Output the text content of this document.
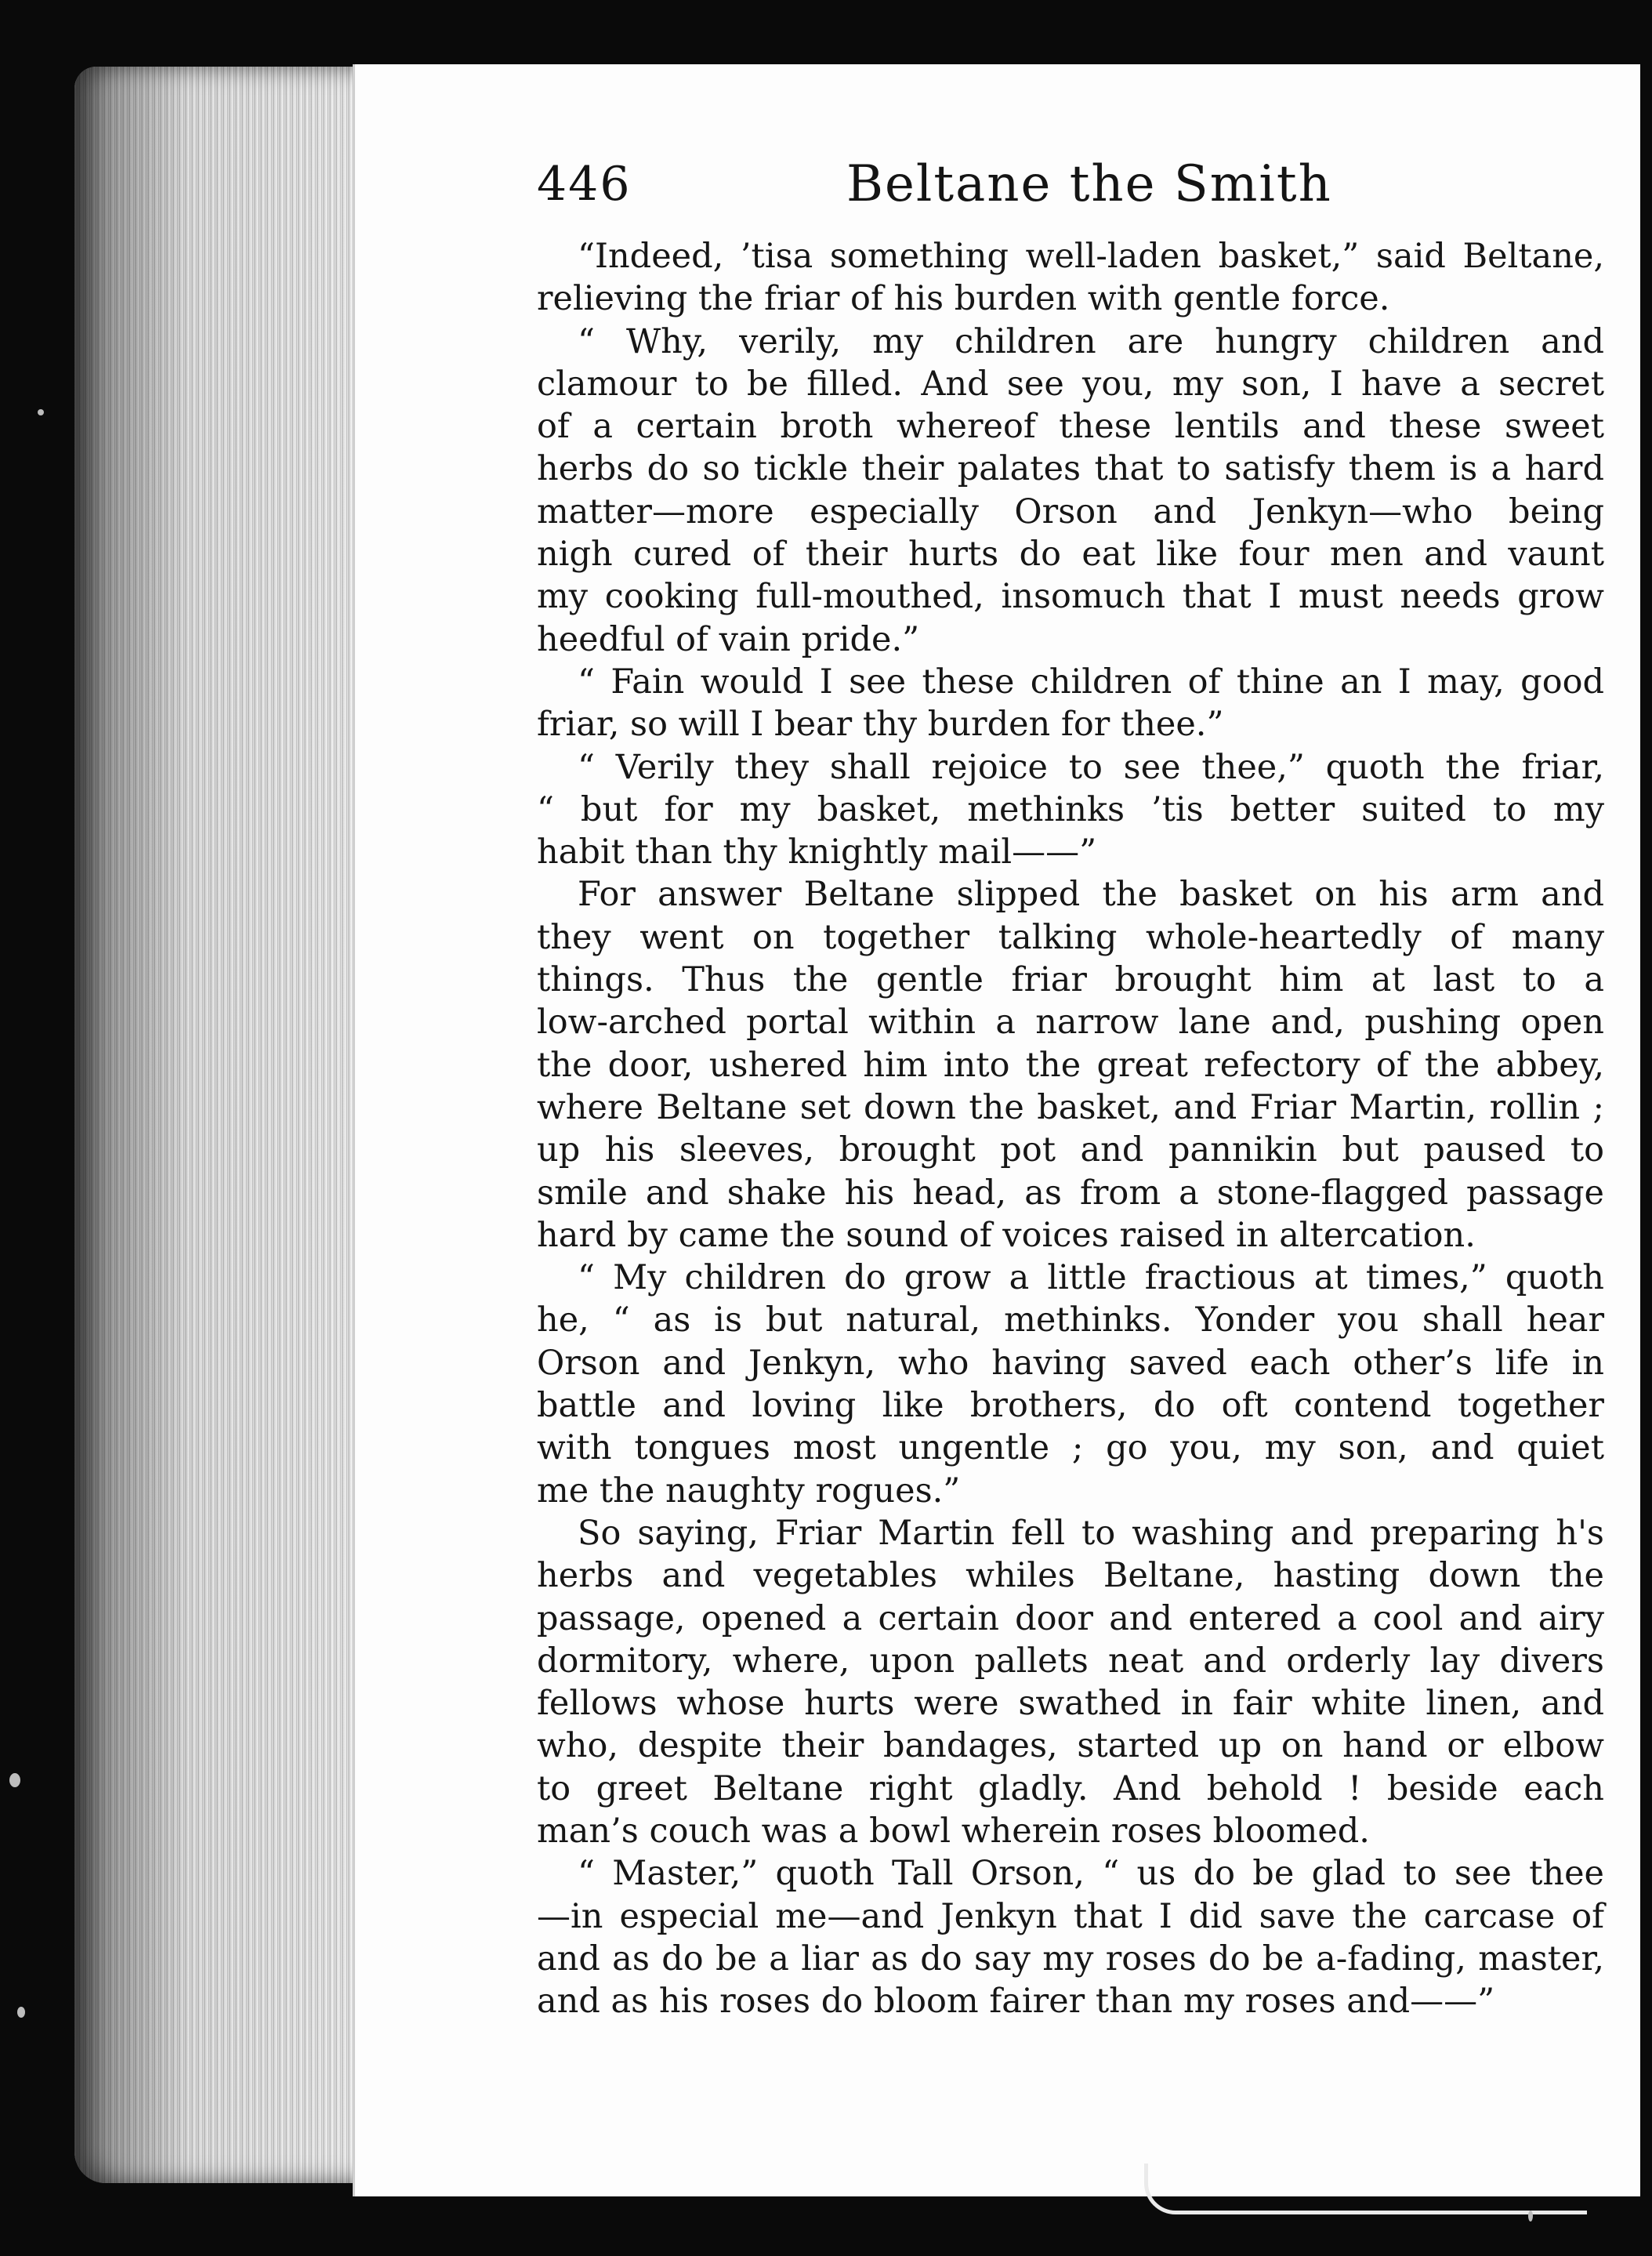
446	Beltane the Smith
“Indeed, ’tisa something well-laden basket,” said Beltane,
relieving the friar of his burden with gentle force.
“ Why, verily, my children are hungry children and
clamour to be filled. And see you, my son, I have a secret
of a certain broth whereof these lentils and these sweet
herbs do so tickle their palates that to satisfy them is a hard
matter—more especially Orson and Jenkyn—who being
nigh cured of their hurts do eat like four men and vaunt
my cooking full-mouthed, insomuch that I must needs grow
heedful of vain pride.”
“ Fain would I see these children of thine an I may, good
friar, so will I bear thy burden for thee.”
“ Verily they shall rejoice to see thee,” quoth the friar,
“ but for my basket, methinks ’tis better suited to my
habit than thy knightly mail——”
For answer Beltane slipped the basket on his arm and
they went on together talking whole-heartedly of many
things. Thus the gentle friar brought him at last to a
low-arched portal within a narrow lane and, pushing open
the door, ushered him into the great refectory of the abbey,
where Beltane set down the basket, and Friar Martin, rollin ;
up his sleeves, brought pot and pannikin but paused to
smile and shake his head, as from a stone-flagged passage
hard by came the sound of voices raised in altercation.
“ My children do grow a little fractious at times,” quoth
he, “ as is but natural, methinks. Yonder you shall hear
Orson and Jenkyn, who having saved each other’s life in
battle and loving like brothers, do oft contend together
with tongues most ungentle ; go you, my son, and quiet
me the naughty rogues.”
So saying, Friar Martin fell to washing and preparing h's
herbs and vegetables whiles Beltane, hasting down the
passage, opened a certain door and entered a cool and airy
dormitory, where, upon pallets neat and orderly lay divers
fellows whose hurts were swathed in fair white linen, and
who, despite their bandages, started up on hand or elbow
to greet Beltane right gladly. And behold ! beside each
man’s couch was a bowl wherein roses bloomed.
“ Master,” quoth Tall Orson, “ us do be glad to see thee
—in especial me—and Jenkyn that I did save the carcase of
and as do be a liar as do say my roses do be a-fading, master,
and as his roses do bloom fairer than my roses and——”
